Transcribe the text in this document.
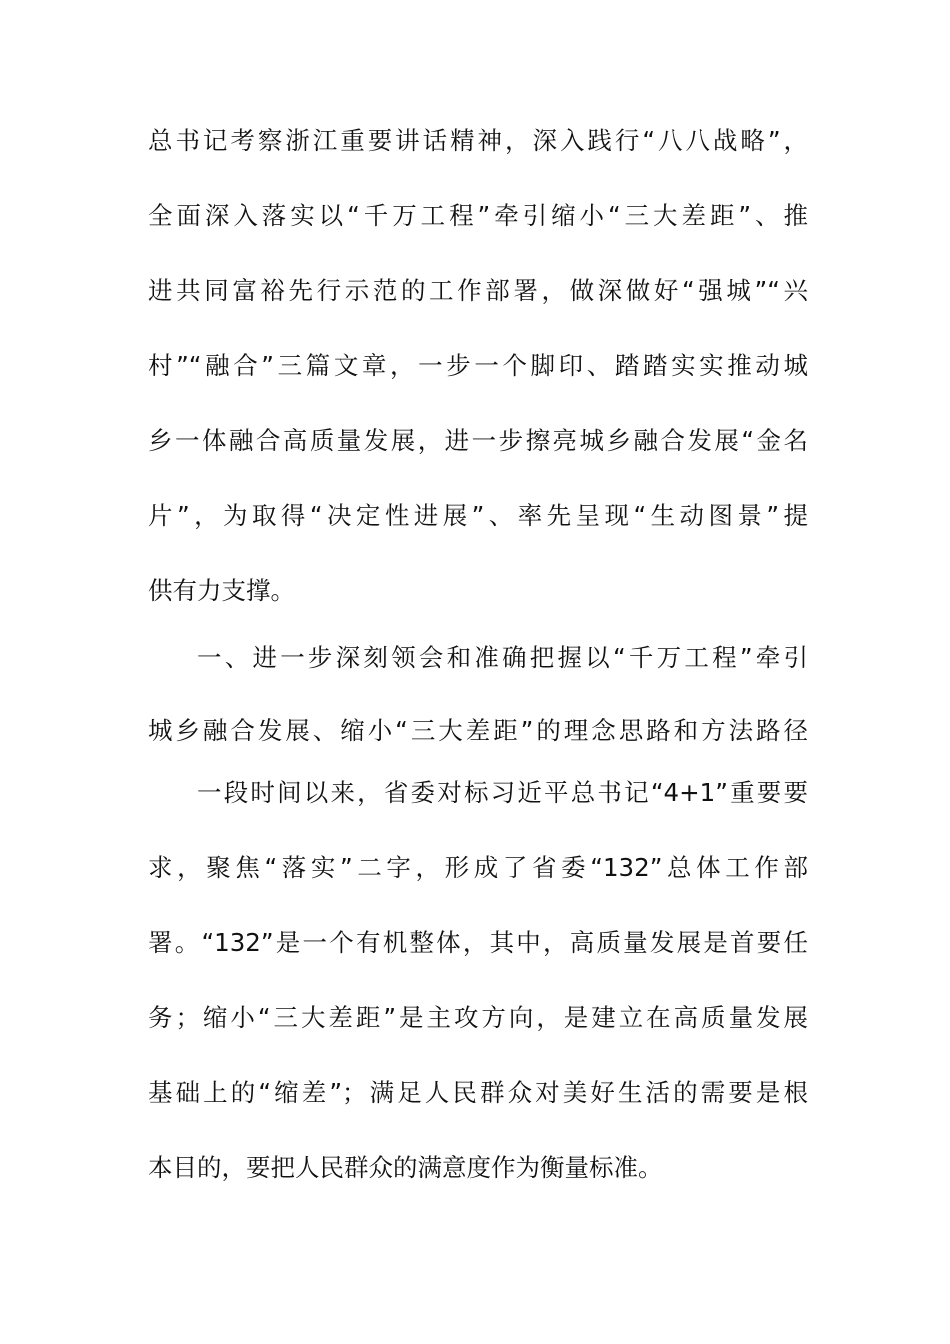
总书记考察浙江重要讲话精神，深入践行“八八战略”，
全面深入落实以“千万工程”牵引缩小“三大差距”、推
进共同富裕先行示范的工作部署，做深做好“强城”“兴
村”“融合”三篇文章，一步一个脚印、踏踏实实推动城
乡一体融合高质量发展，进一步擦亮城乡融合发展“金名
片”，为取得“决定性进展”、率先呈现“生动图景”提
供有力支撑。
一、进一步深刻领会和准确把握以“千万工程”牵引
城乡融合发展、缩小“三大差距”的理念思路和方法路径
一段时间以来，省委对标习近平总书记“4+1”重要要
求，聚焦“落实”二字，形成了省委“132”总体工作部
署。“132”是一个有机整体，其中，高质量发展是首要任
务；缩小“三大差距”是主攻方向，是建立在高质量发展
基础上的“缩差”；满足人民群众对美好生活的需要是根
本目的，要把人民群众的满意度作为衡量标准。
